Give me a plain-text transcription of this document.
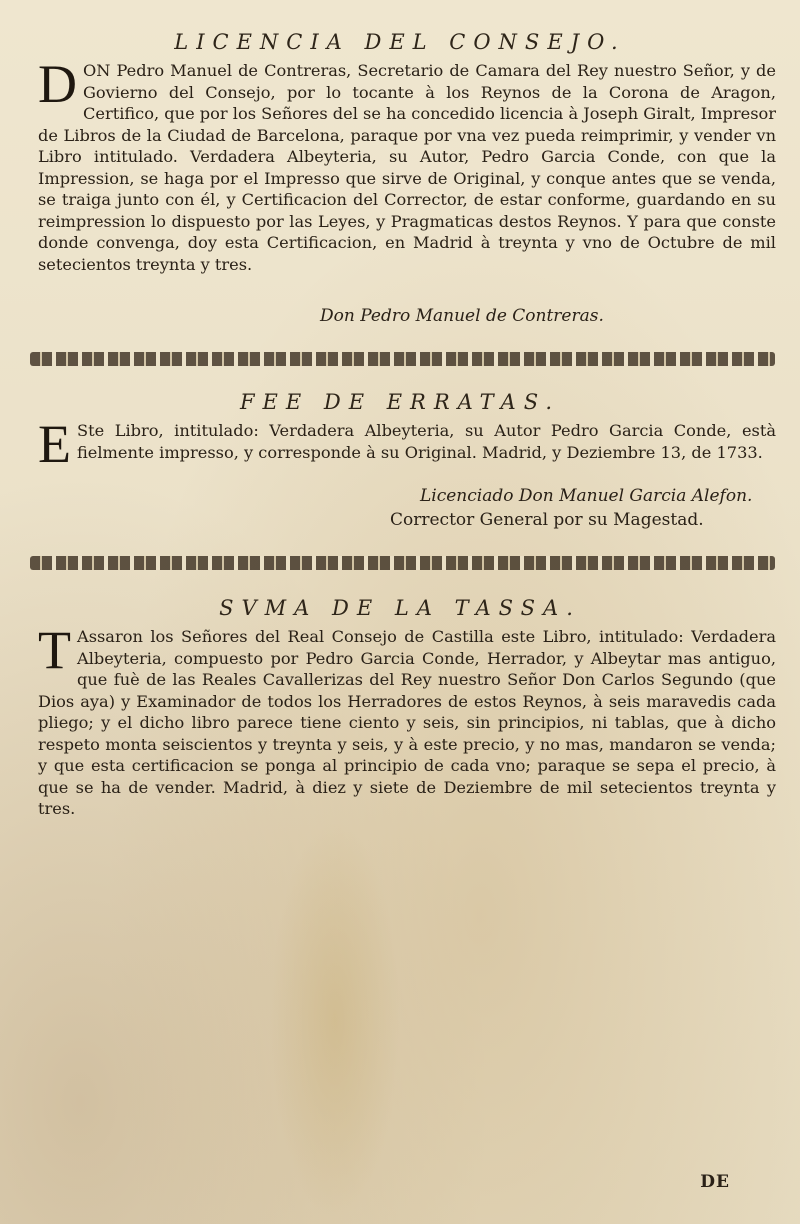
LICENCIA DEL CONSEJO.
DON Pedro Manuel de Contreras, Secretario de Camara del Rey nuestro Señor, y de Govierno del Consejo, por lo tocante à los Reynos de la Corona de Aragon, Certifico, que por los Señores del se ha concedido licencia à Joseph Giralt, Impresor de Libros de la Ciudad de Barcelona, paraque por vna vez pueda reimprimir, y vender vn Libro intitulado. Verdadera Albeyteria, su Autor, Pedro Garcia Conde, con que la Impression, se haga por el Impresso que sirve de Original, y conque antes que se venda, se traiga junto con él, y Certificacion del Corrector, de estar conforme, guardando en su reimpression lo dispuesto por las Leyes, y Pragmaticas destos Reynos. Y para que conste donde convenga, doy esta Certificacion, en Madrid à treynta y vno de Octubre de mil setecientos treynta y tres.
Don Pedro Manuel de Contreras.
FEE DE ERRATAS.
E Ste Libro, intitulado: Verdadera Albeyteria, su Autor Pedro Garcia Conde, està fielmente impresso, y corresponde à su Original. Madrid, y Deziembre 13, de 1733.
Licenciado Don Manuel Garcia Alefon.
Corrector General por su Magestad.
SVMA DE LA TASSA.
T Assaron los Señores del Real Consejo de Castilla este Libro, intitulado: Verdadera Albeyteria, compuesto por Pedro Garcia Conde, Herrador, y Albeytar mas antiguo, que fuè de las Reales Cavallerizas del Rey nuestro Señor Don Carlos Segundo (que Dios aya) y Examinador de todos los Herradores de estos Reynos, à seis maravedis cada pliego; y el dicho libro parece tiene ciento y seis, sin principios, ni tablas, que à dicho respeto monta seiscientos y treynta y seis, y à este precio, y no mas, mandaron se venda; y que esta certificacion se ponga al principio de cada vno; paraque se sepa el precio, à que se ha de vender. Madrid, à diez y siete de Deziembre de mil setecientos treynta y tres.
DE
